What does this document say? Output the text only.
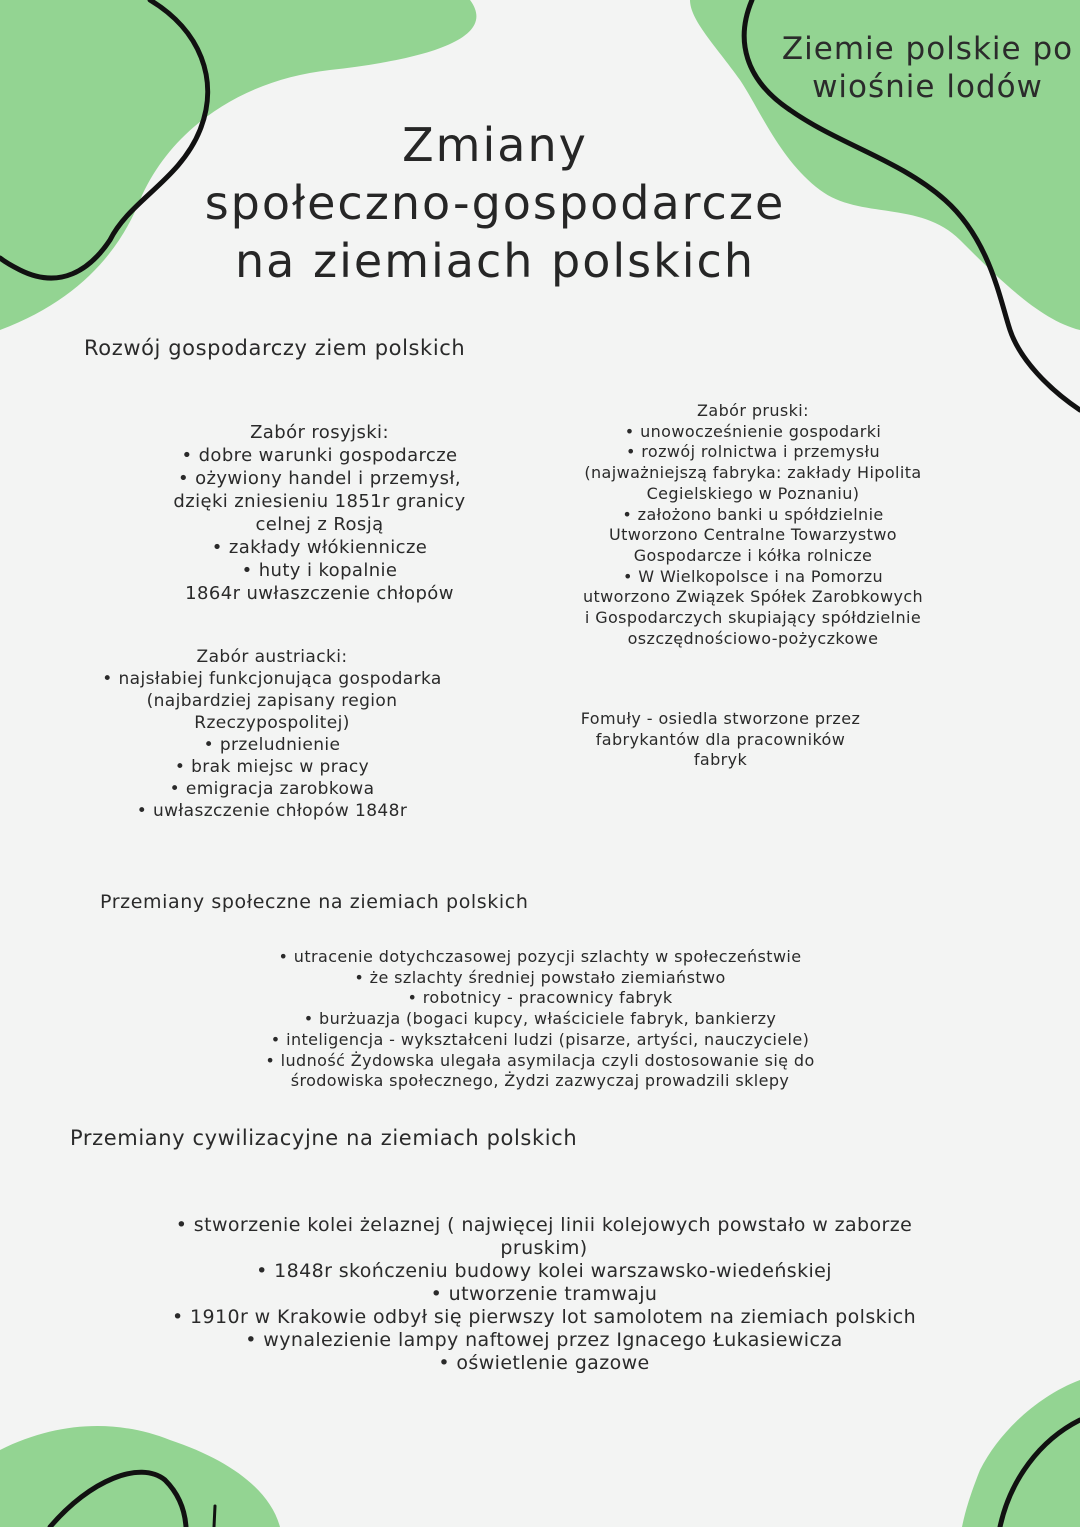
Ziemie polskie po
wiośnie lodów
Zmiany
społeczno-gospodarcze
na ziemiach polskich
Rozwój gospodarczy ziem polskich
Zabór rosyjski:
• dobre warunki gospodarcze
• ożywiony handel i przemysł,
dzięki zniesieniu 1851r granicy
celnej z Rosją
• zakłady włókiennicze
• huty i kopalnie
1864r uwłaszczenie chłopów
Zabór austriacki:
• najsłabiej funkcjonująca gospodarka
(najbardziej zapisany region
Rzeczypospolitej)
• przeludnienie
• brak miejsc w pracy
• emigracja zarobkowa
• uwłaszczenie chłopów 1848r
Zabór pruski:
• unowocześnienie gospodarki
• rozwój rolnictwa i przemysłu
(najważniejszą fabryka: zakłady Hipolita
Cegielskiego w Poznaniu)
• założono banki u spółdzielnie
Utworzono Centralne Towarzystwo
Gospodarcze i kółka rolnicze
• W Wielkopolsce i na Pomorzu
utworzono Związek Spółek Zarobkowych
i Gospodarczych skupiający spółdzielnie
oszczędnościowo-pożyczkowe
Fomuły - osiedla stworzone przez
fabrykantów dla pracowników
fabryk
Przemiany społeczne na ziemiach polskich
• utracenie dotychczasowej pozycji szlachty w społeczeństwie
• że szlachty średniej powstało ziemiaństwo
• robotnicy - pracownicy fabryk
• burżuazja (bogaci kupcy, właściciele fabryk, bankierzy
• inteligencja - wykształceni ludzi (pisarze, artyści, nauczyciele)
• ludność Żydowska ulegała asymilacja czyli dostosowanie się do
środowiska społecznego, Żydzi zazwyczaj prowadzili sklepy
Przemiany cywilizacyjne na ziemiach polskich
• stworzenie kolei żelaznej ( najwięcej linii kolejowych powstało w zaborze
pruskim)
• 1848r skończeniu budowy kolei warszawsko-wiedeńskiej
• utworzenie tramwaju
• 1910r w Krakowie odbył się pierwszy lot samolotem na ziemiach polskich
• wynalezienie lampy naftowej przez Ignacego Łukasiewicza
• oświetlenie gazowe
